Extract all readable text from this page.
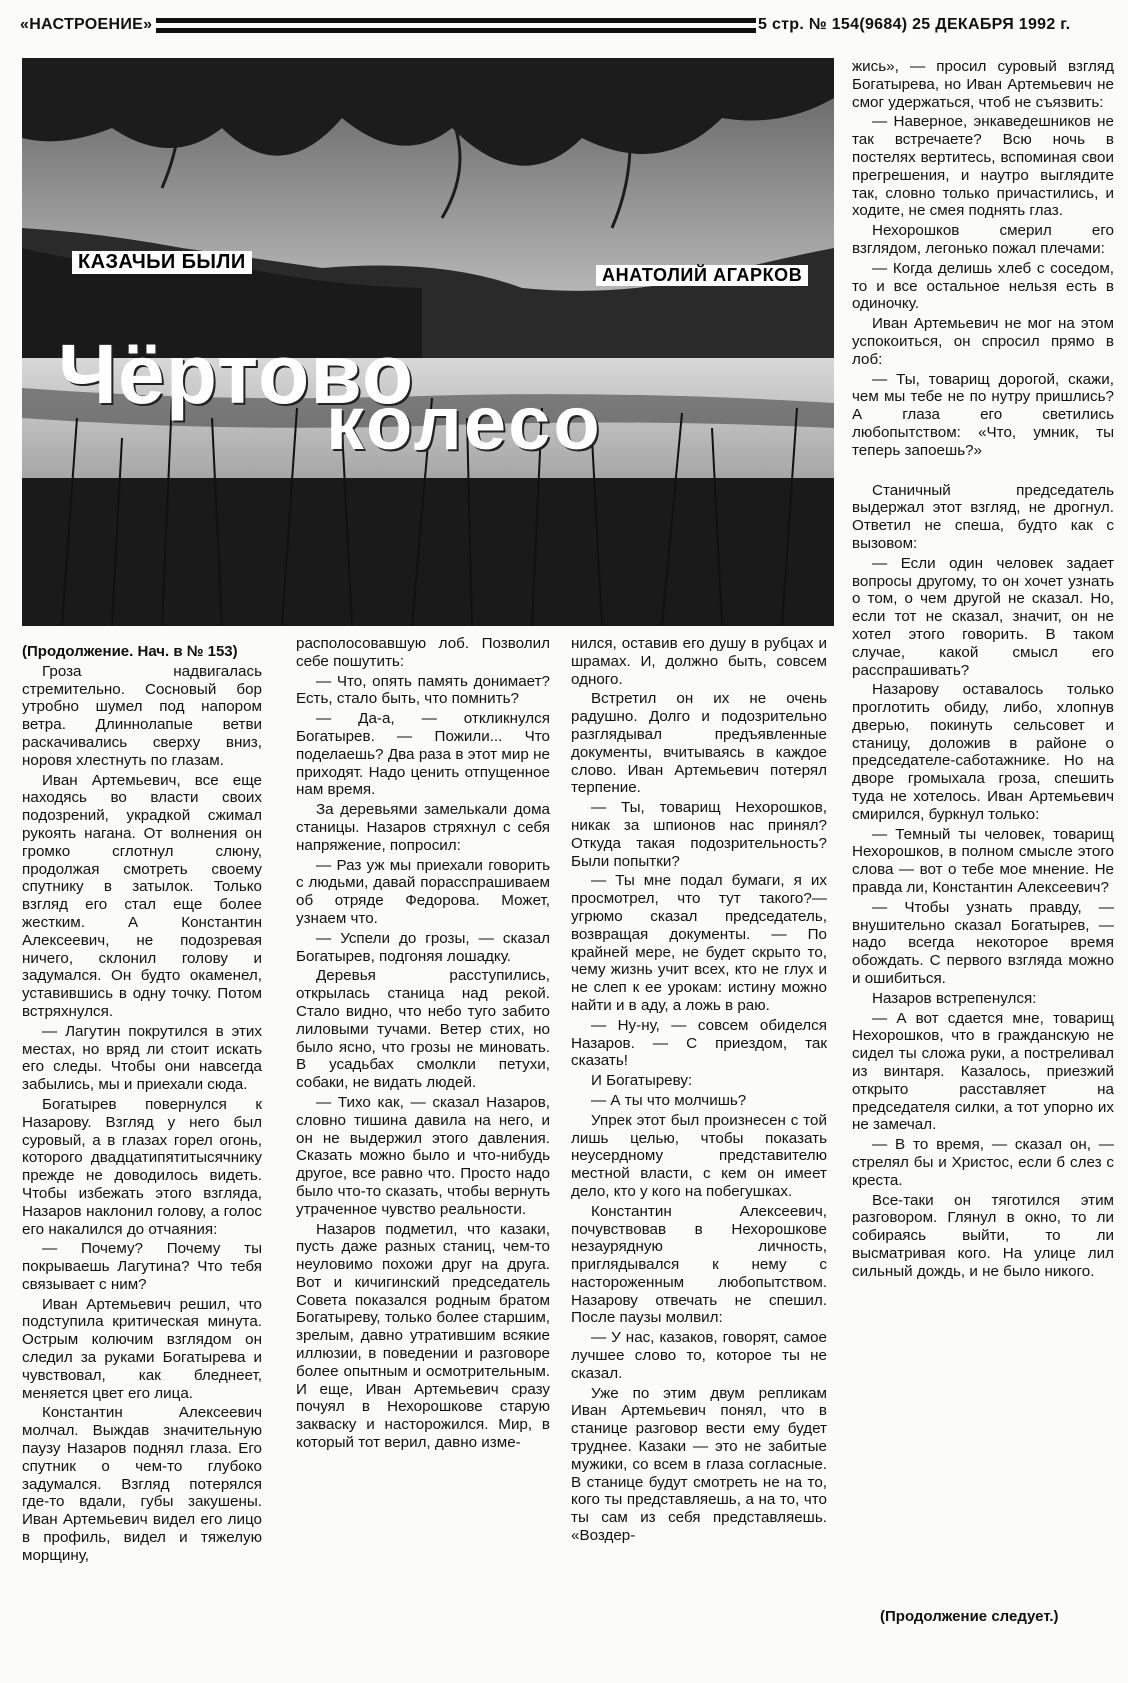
«НАСТРОЕНИЕ»	5 стр. № 154(9684) 25 ДЕКАБРЯ 1992 г.
КАЗАЧЬИ БЫЛИ
АНАТОЛИЙ АГАРКОВ
Чёртово
колесо

(Продолжение. Нач. в № 153)

Гроза надвигалась стремительно. Сосновый бор утробно шумел под напором ветра. Длиннолапые ветви раскачивались сверху вниз, норовя хлестнуть по глазам.

Иван Артемьевич, все еще находясь во власти своих подозрений, украдкой сжимал рукоять нагана. От волнения он громко сглотнул слюну, продолжая смотреть своему спутнику в затылок. Только взгляд его стал еще более жестким. А Константин Алексеевич, не подозревая ничего, склонил голову и задумался. Он будто окаменел, уставившись в одну точку. Потом встряхнулся.

— Лагутин покрутился в этих местах, но вряд ли стоит искать его следы. Чтобы они навсегда забылись, мы и приехали сюда.

Богатырев повернулся к Назарову. Взгляд у него был суровый, а в глазах горел огонь, которого двадцатипятитысячнику прежде не доводилось видеть. Чтобы избежать этого взгляда, Назаров наклонил голову, а голос его накалился до отчаяния:

— Почему? Почему ты покрываешь Лагутина? Что тебя связывает с ним?

Иван Артемьевич решил, что подступила критическая минута. Острым колючим взглядом он следил за руками Богатырева и чувствовал, как бледнеет, меняется цвет его лица.

Константин Алексеевич молчал. Выждав значительную паузу Назаров поднял глаза. Его спутник о чем-то глубоко задумался. Взгляд потерялся где-то вдали, губы закушены. Иван Артемьевич видел его лицо в профиль, видел и тяжелую морщину,

располосовавшую лоб. Позволил себе пошутить:

— Что, опять память донимает? Есть, стало быть, что помнить?

— Да-а, — откликнулся Богатырев. — Пожили... Что поделаешь? Два раза в этот мир не приходят. Надо ценить отпущенное нам время.

За деревьями замелькали дома станицы. Назаров стряхнул с себя напряжение, попросил:

— Раз уж мы приехали говорить с людьми, давай порасспрашиваем об отряде Федорова. Может, узнаем что.

— Успели до грозы, — сказал Богатырев, подгоняя лошадку.

Деревья расступились, открылась станица над рекой. Стало видно, что небо туго забито лиловыми тучами. Ветер стих, но было ясно, что грозы не миновать. В усадьбах смолкли петухи, собаки, не видать людей.

— Тихо как, — сказал Назаров, словно тишина давила на него, и он не выдержил этого давления. Сказать можно было и что-нибудь другое, все равно что. Просто надо было что-то сказать, чтобы вернуть утраченное чувство реальности.

Назаров подметил, что казаки, пусть даже разных станиц, чем-то неуловимо похожи друг на друга. Вот и кичигинский председатель Совета показался родным братом Богатыреву, только более старшим, зрелым, давно утратившим всякие иллюзии, в поведении и разговоре более опытным и осмотрительным. И еще, Иван Артемьевич сразу почуял в Нехорошкове старую закваску и насторожился. Мир, в который тот верил, давно изме-

нился, оставив его душу в рубцах и шрамах. И, должно быть, совсем одного.

Встретил он их не очень радушно. Долго и подозрительно разглядывал предъявленные документы, вчитываясь в каждое слово. Иван Артемьевич потерял терпение.

— Ты, товарищ Нехорошков, никак за шпионов нас принял? Откуда такая подозрительность? Были попытки?

— Ты мне подал бумаги, я их просмотрел, что тут такого?— угрюмо сказал председатель, возвращая документы. — По крайней мере, не будет скрыто то, чему жизнь учит всех, кто не глух и не слеп к ее урокам: истину можно найти и в аду, а ложь в раю.

— Ну-ну, — совсем обиделся Назаров. — С приездом, так сказать!

И Богатыреву:

— А ты что молчишь?

Упрек этот был произнесен с той лишь целью, чтобы показать неусердному представителю местной власти, с кем он имеет дело, кто у кого на побегушках.

Константин Алексеевич, почувствовав в Нехорошкове незаурядную личность, приглядывался к нему с настороженным любопытством. Назарову отвечать не спешил. После паузы молвил:

— У нас, казаков, говорят, самое лучшее слово то, которое ты не сказал.

Уже по этим двум репликам Иван Артемьевич понял, что в станице разговор вести ему будет труднее. Казаки — это не забитые мужики, со всем в глаза согласные. В станице будут смотреть не на то, кого ты представляешь, а на то, что ты сам из себя представляешь. «Воздер-

жись», — просил суровый взгляд Богатырева, но Иван Артемьевич не смог удержаться, чтоб не съязвить:

— Наверное, энкаведешников не так встречаете? Всю ночь в постелях вертитесь, вспоминая свои прегрешения, и наутро выглядите так, словно только причастились, и ходите, не смея поднять глаз.

Нехорошков смерил его взглядом, легонько пожал плечами:

— Когда делишь хлеб с соседом, то и все остальное нельзя есть в одиночку.

Иван Артемьевич не мог на этом успокоиться, он спросил прямо в лоб:

— Ты, товарищ дорогой, скажи, чем мы тебе не по нутру пришлись? А глаза его светились любопытством: «Что, умник, ты теперь запоешь?»

Станичный председатель выдержал этот взгляд, не дрогнул. Ответил не спеша, будто как с вызовом:

— Если один человек задает вопросы другому, то он хочет узнать о том, о чем другой не сказал. Но, если тот не сказал, значит, он не хотел этого говорить. В таком случае, какой смысл его расспрашивать?

Назарову оставалось только проглотить обиду, либо, хлопнув дверью, покинуть сельсовет и станицу, доложив в районе о председателе-саботажнике. Но на дворе громыхала гроза, спешить туда не хотелось. Иван Артемьевич смирился, буркнул только:

— Темный ты человек, товарищ Нехорошков, в полном смысле этого слова — вот о тебе мое мнение. Не правда ли, Константин Алексеевич?

— Чтобы узнать правду, — внушительно сказал Богатырев, — надо всегда некоторое время обождать. С первого взгляда можно и ошибиться.

Назаров встрепенулся:

— А вот сдается мне, товарищ Нехорошков, что в гражданскую не сидел ты сложа руки, а постреливал из винтаря. Казалось, приезжий открыто расставляет на председателя силки, а тот упорно их не замечал.

— В то время, — сказал он, — стрелял бы и Христос, если б слез с креста.

Все-таки он тяготился этим разговором. Глянул в окно, то ли собираясь выйти, то ли высматривая кого. На улице лил сильный дождь, и не было никого.

(Продолжение следует.)
